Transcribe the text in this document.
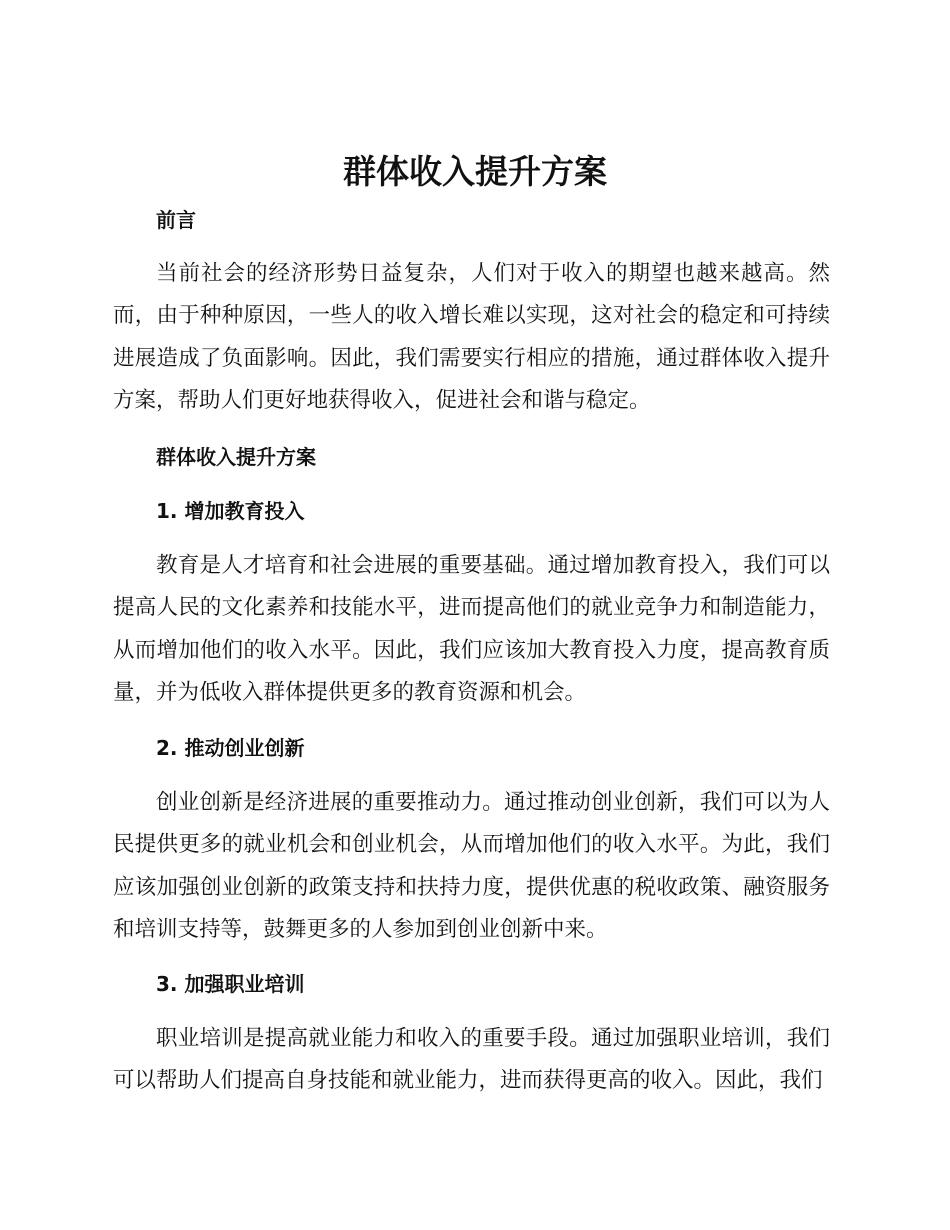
群体收入提升方案
前言

当前社会的经济形势日益复杂，人们对于收入的期望也越来越高。然而，由于种种原因，一些人的收入增长难以实现，这对社会的稳定和可持续进展造成了负面影响。因此，我们需要实行相应的措施，通过群体收入提升方案，帮助人们更好地获得收入，促进社会和谐与稳定。

群体收入提升方案
1. 增加教育投入

教育是人才培育和社会进展的重要基础。通过增加教育投入，我们可以提高人民的文化素养和技能水平，进而提高他们的就业竞争力和制造能力，从而增加他们的收入水平。因此，我们应该加大教育投入力度，提高教育质量，并为低收入群体提供更多的教育资源和机会。

2. 推动创业创新

创业创新是经济进展的重要推动力。通过推动创业创新，我们可以为人民提供更多的就业机会和创业机会，从而增加他们的收入水平。为此，我们应该加强创业创新的政策支持和扶持力度，提供优惠的税收政策、融资服务和培训支持等，鼓舞更多的人参加到创业创新中来。

3. 加强职业培训

职业培训是提高就业能力和收入的重要手段。通过加强职业培训，我们可以帮助人们提高自身技能和就业能力，进而获得更高的收入。因此，我们
